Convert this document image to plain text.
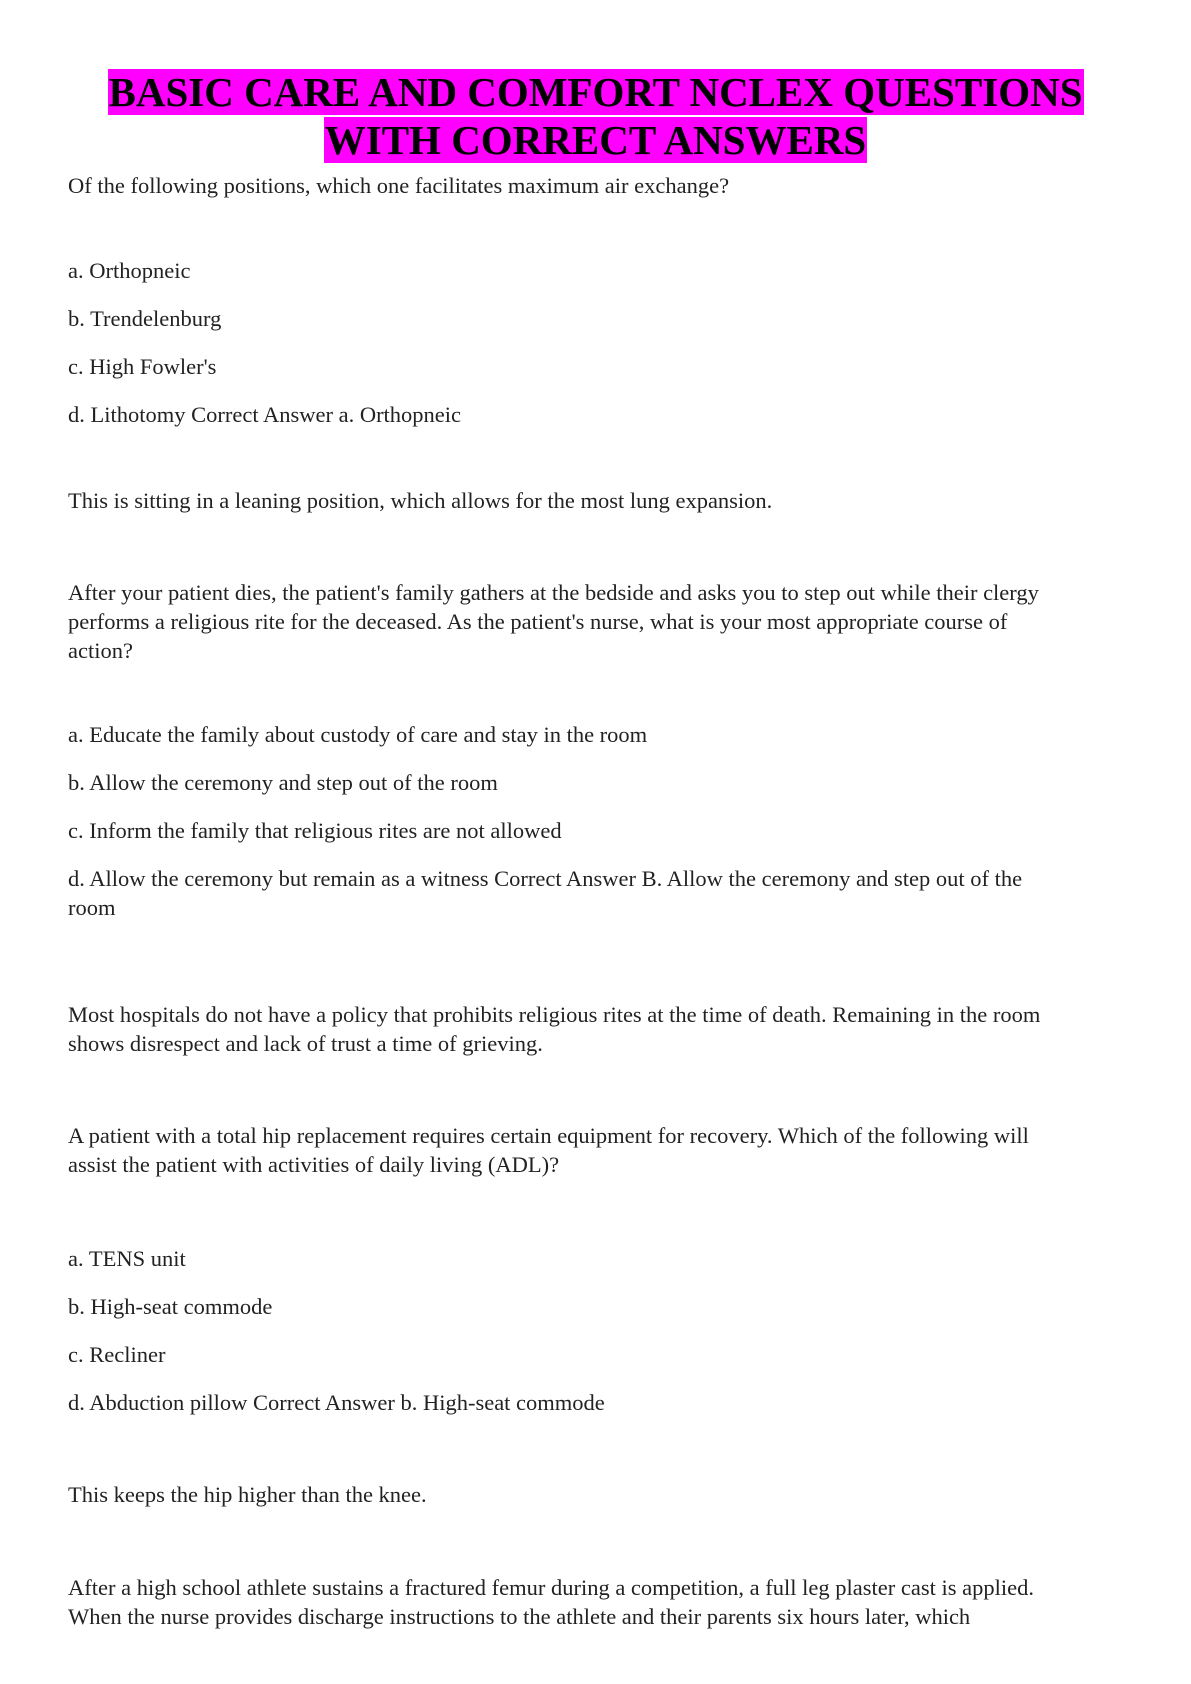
BASIC CARE AND COMFORT NCLEX QUESTIONS
WITH CORRECT ANSWERS

Of the following positions, which one facilitates maximum air exchange?

a. Orthopneic

b. Trendelenburg

c. High Fowler's

d. Lithotomy Correct Answer a. Orthopneic

This is sitting in a leaning position, which allows for the most lung expansion.

After your patient dies, the patient's family gathers at the bedside and asks you to step out while their clergy

performs a religious rite for the deceased. As the patient's nurse, what is your most appropriate course of

action?

a. Educate the family about custody of care and stay in the room

b. Allow the ceremony and step out of the room

c. Inform the family that religious rites are not allowed

d. Allow the ceremony but remain as a witness Correct Answer B. Allow the ceremony and step out of the

room

Most hospitals do not have a policy that prohibits religious rites at the time of death. Remaining in the room

shows disrespect and lack of trust a time of grieving.

A patient with a total hip replacement requires certain equipment for recovery. Which of the following will

assist the patient with activities of daily living (ADL)?

a. TENS unit

b. High-seat commode

c. Recliner

d. Abduction pillow Correct Answer b. High-seat commode

This keeps the hip higher than the knee.

After a high school athlete sustains a fractured femur during a competition, a full leg plaster cast is applied.

When the nurse provides discharge instructions to the athlete and their parents six hours later, which
